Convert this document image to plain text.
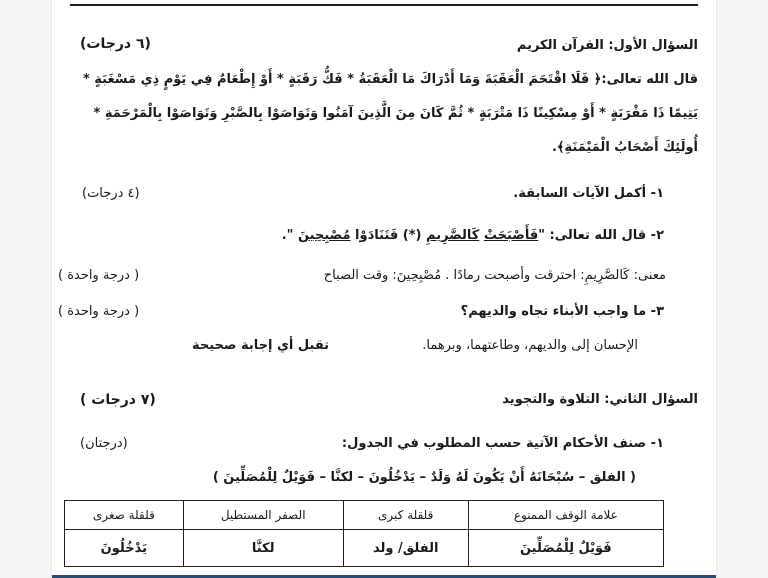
السؤال الأول: القرآن الكريم
(٦ درجات)
قال الله تعالى:﴿ فَلَا اقْتَحَمَ الْعَقَبَةَ وَمَا أَدْرَاكَ مَا الْعَقَبَةُ * فَكُّ رَقَبَةٍ * أَوْ إِطْعَامٌ فِي يَوْمٍ ذِي مَسْغَبَةٍ *
يَتِيمًا ذَا مَقْرَبَةٍ * أَوْ مِسْكِينًا ذَا مَتْرَبَةٍ * ثُمَّ كَانَ مِنَ الَّذِينَ آمَنُوا وَتَوَاصَوْا بِالصَّبْرِ وَتَوَاصَوْا بِالْمَرْحَمَةِ *
أُولَئِكَ أَصْحَابُ الْمَيْمَنَةِ﴾.
١- أكمل الآيات السابقة.
(٤ درجات)
٢- قال الله تعالى: "فَأَصْبَحَتْ كَالصَّرِيمِ (*) فَتَنَادَوْا مُصْبِحِينَ ".
معنى: كَالصَّرِيمِ: احترقت وأصبحت رمادًا . مُصْبِحِينَ: وقت الصباح
( درجة واحدة )
٣- ما واجب الأبناء تجاه والديهم؟
( درجة واحدة )
الإحسان إلى والديهم، وطاعتهما، وبرهما.
تقبل أي إجابة صحيحة
السؤال الثاني: التلاوة والتجويد
(٧ درجات )
١- صنف الأحكام الآتية حسب المطلوب في الجدول:
(درجتان)
( الفلق – سُبْحَانَهُ أَنْ يَكُونَ لَهُ وَلَدٌ – يَدْخُلُونَ – لكنَّا – فَوَيْلٌ لِلْمُصَلِّينَ )
علامة الوقف الممنوع	قلقلة كبرى	الصفر المستطيل	قلقلة صغرى
فَوَيْلٌ لِلْمُصَلِّينَ	الفلق/ ولد	لكنَّا	يَدْخُلُونَ
